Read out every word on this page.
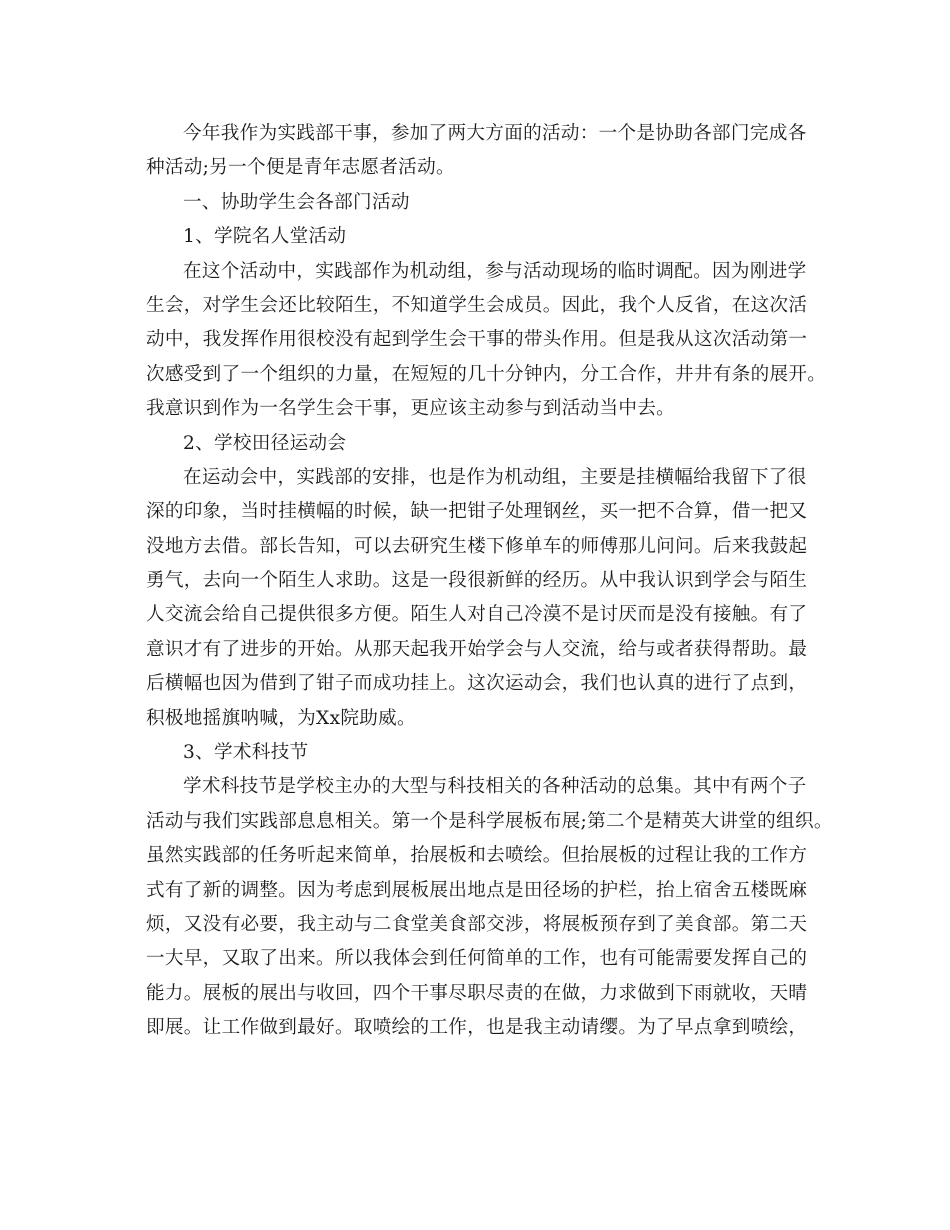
今年我作为实践部干事，参加了两大方面的活动：一个是协助各部门完成各
种活动;另一个便是青年志愿者活动。
一、协助学生会各部门活动
1、学院名人堂活动
在这个活动中，实践部作为机动组，参与活动现场的临时调配。因为刚进学
生会，对学生会还比较陌生，不知道学生会成员。因此，我个人反省，在这次活
动中，我发挥作用很校没有起到学生会干事的带头作用。但是我从这次活动第一
次感受到了一个组织的力量，在短短的几十分钟内，分工合作，井井有条的展开。
我意识到作为一名学生会干事，更应该主动参与到活动当中去。
2、学校田径运动会
在运动会中，实践部的安排，也是作为机动组，主要是挂横幅给我留下了很
深的印象，当时挂横幅的时候，缺一把钳子处理钢丝，买一把不合算，借一把又
没地方去借。部长告知，可以去研究生楼下修单车的师傅那儿问问。后来我鼓起
勇气，去向一个陌生人求助。这是一段很新鲜的经历。从中我认识到学会与陌生
人交流会给自己提供很多方便。陌生人对自己冷漠不是讨厌而是没有接触。有了
意识才有了进步的开始。从那天起我开始学会与人交流，给与或者获得帮助。最
后横幅也因为借到了钳子而成功挂上。这次运动会，我们也认真的进行了点到，
积极地摇旗呐喊，为Xx院助威。
3、学术科技节
学术科技节是学校主办的大型与科技相关的各种活动的总集。其中有两个子
活动与我们实践部息息相关。第一个是科学展板布展;第二个是精英大讲堂的组织。
虽然实践部的任务听起来简单，抬展板和去喷绘。但抬展板的过程让我的工作方
式有了新的调整。因为考虑到展板展出地点是田径场的护栏，抬上宿舍五楼既麻
烦，又没有必要，我主动与二食堂美食部交涉，将展板预存到了美食部。第二天
一大早，又取了出来。所以我体会到任何简单的工作，也有可能需要发挥自己的
能力。展板的展出与收回，四个干事尽职尽责的在做，力求做到下雨就收，天晴
即展。让工作做到最好。取喷绘的工作，也是我主动请缨。为了早点拿到喷绘，
